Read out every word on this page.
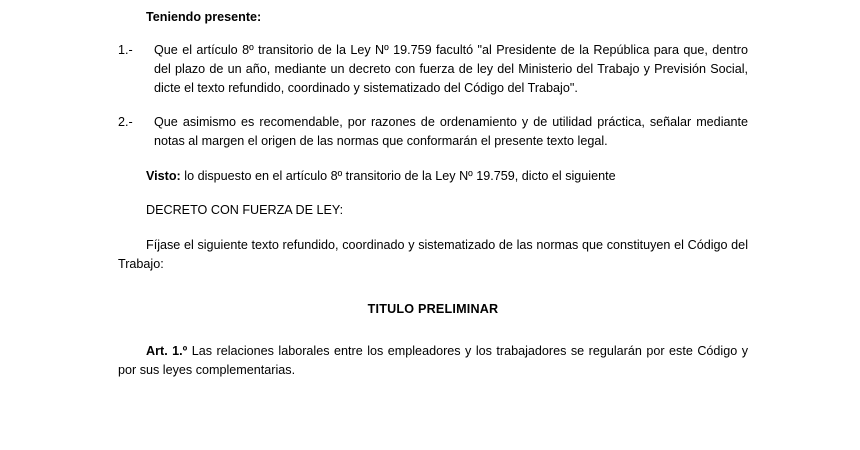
Teniendo presente:

1.-	Que el artículo 8º transitorio de la Ley Nº 19.759 facultó "al Presidente de la República para que, dentro del plazo de un año, mediante un decreto con fuerza de ley del Ministerio del Trabajo y Previsión Social, dicte el texto refundido, coordinado y sistematizado del Código del Trabajo".

2.-	Que asimismo es recomendable, por razones de ordenamiento y de utilidad práctica, señalar mediante notas al margen el origen de las normas que conformarán el presente texto legal.

Visto: lo dispuesto en el artículo 8º transitorio de la Ley Nº 19.759, dicto el siguiente

DECRETO CON FUERZA DE LEY:

Fíjase el siguiente texto refundido, coordinado y sistematizado de las normas que constituyen el Código del Trabajo:

TITULO PRELIMINAR

Art. 1.º Las relaciones laborales entre los empleadores y los trabajadores se regularán por este Código y por sus leyes complementarias.
